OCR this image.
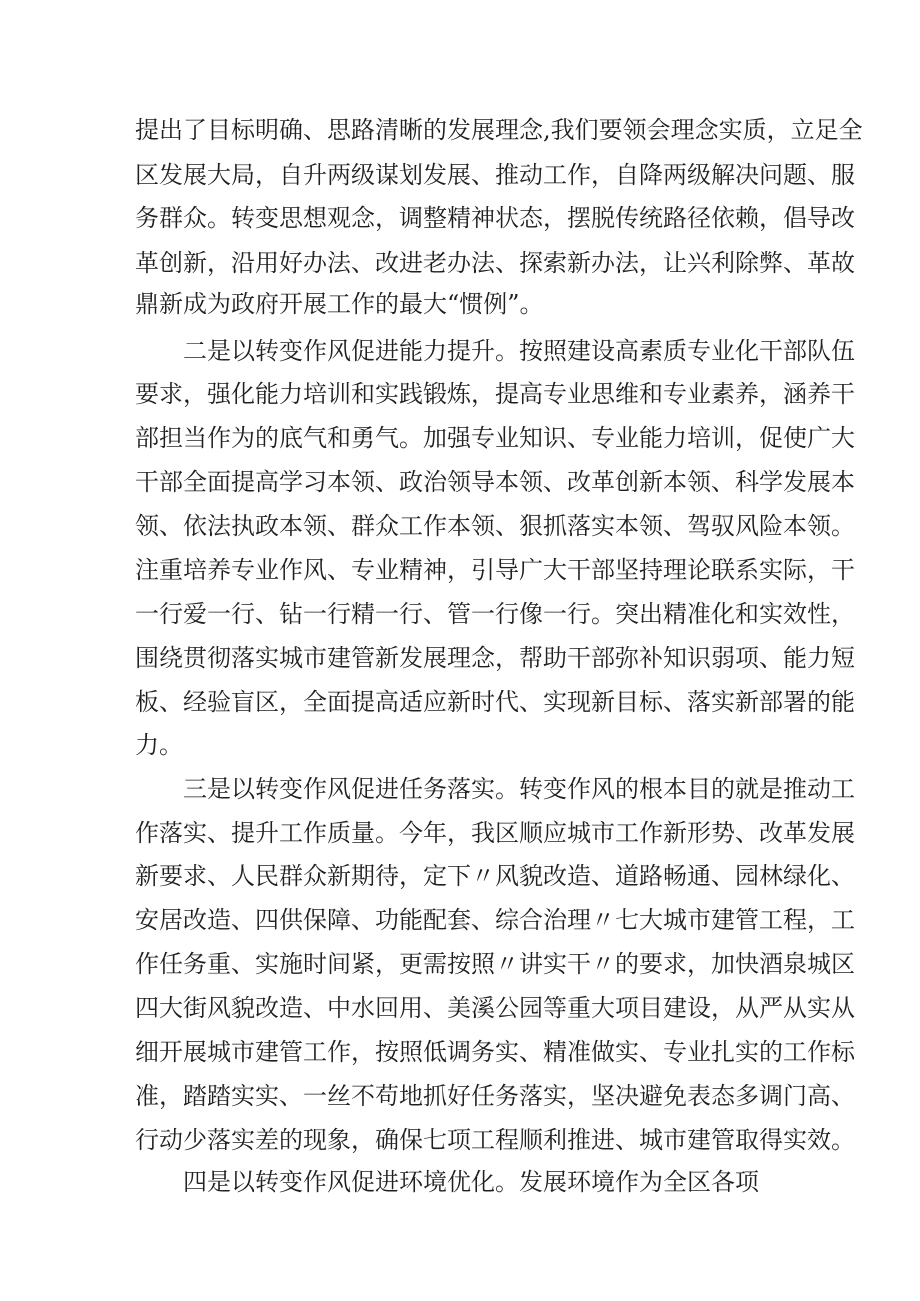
提出了目标明确、思路清晰的发展理念,我们要领会理念实质，立足全
区发展大局，自升两级谋划发展、推动工作，自降两级解决问题、服
务群众。转变思想观念，调整精神状态，摆脱传统路径依赖，倡导改
革创新，沿用好办法、改进老办法、探索新办法，让兴利除弊、革故
鼎新成为政府开展工作的最大“惯例”。
二是以转变作风促进能力提升。按照建设高素质专业化干部队伍
要求，强化能力培训和实践锻炼，提高专业思维和专业素养，涵养干
部担当作为的底气和勇气。加强专业知识、专业能力培训，促使广大
干部全面提高学习本领、政治领导本领、改革创新本领、科学发展本
领、依法执政本领、群众工作本领、狠抓落实本领、驾驭风险本领。
注重培养专业作风、专业精神，引导广大干部坚持理论联系实际，干
一行爱一行、钻一行精一行、管一行像一行。突出精准化和实效性，
围绕贯彻落实城市建管新发展理念，帮助干部弥补知识弱项、能力短
板、经验盲区，全面提高适应新时代、实现新目标、落实新部署的能
力。
三是以转变作风促进任务落实。转变作风的根本目的就是推动工
作落实、提升工作质量。今年，我区顺应城市工作新形势、改革发展
新要求、人民群众新期待，定下〃风貌改造、道路畅通、园林绿化、
安居改造、四供保障、功能配套、综合治理〃七大城市建管工程，工
作任务重、实施时间紧，更需按照〃讲实干〃的要求，加快酒泉城区
四大街风貌改造、中水回用、美溪公园等重大项目建设，从严从实从
细开展城市建管工作，按照低调务实、精准做实、专业扎实的工作标
准，踏踏实实、一丝不苟地抓好任务落实，坚决避免表态多调门高、
行动少落实差的现象，确保七项工程顺利推进、城市建管取得实效。
四是以转变作风促进环境优化。发展环境作为全区各项
